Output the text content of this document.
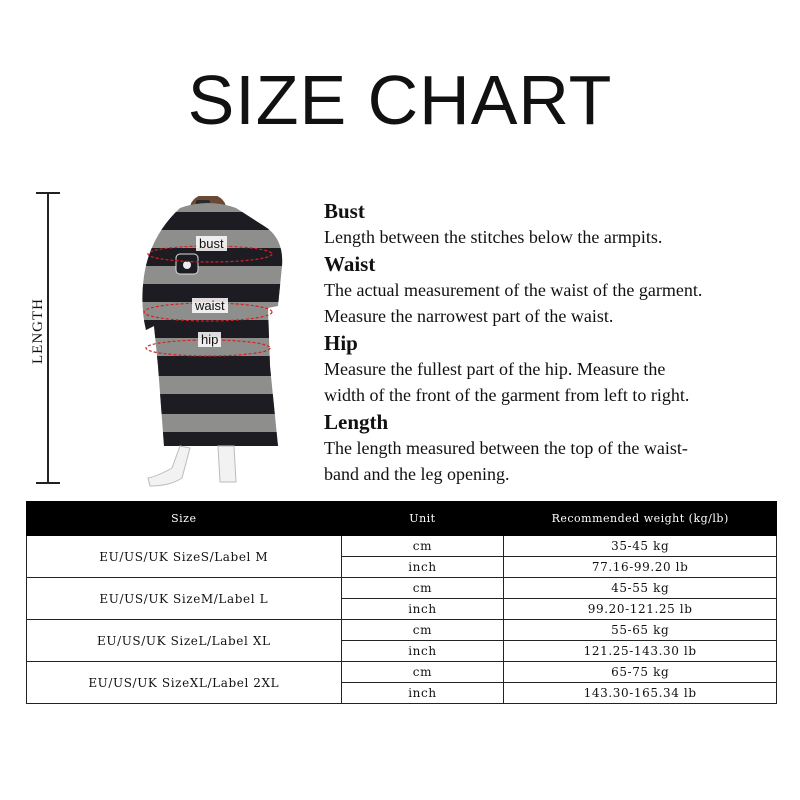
SIZE CHART
LENGTH
bust
waist
hip
Bust
Length between the stitches below the armpits.
Waist
The actual measurement of the waist of the garment.
Measure the narrowest part of the waist.
Hip
Measure the fullest part of the hip. Measure the
width of the front of the garment from left to right.
Length
The length measured between the top of the waist-
band and the leg opening.
Size	Unit	Recommended weight (kg/lb)
EU/US/UK SizeS/Label M	cm	35-45 kg
	inch	77.16-99.20 lb
EU/US/UK SizeM/Label L	cm	45-55 kg
	inch	99.20-121.25 lb
EU/US/UK SizeL/Label XL	cm	55-65 kg
	inch	121.25-143.30 lb
EU/US/UK SizeXL/Label 2XL	cm	65-75 kg
	inch	143.30-165.34 lb
